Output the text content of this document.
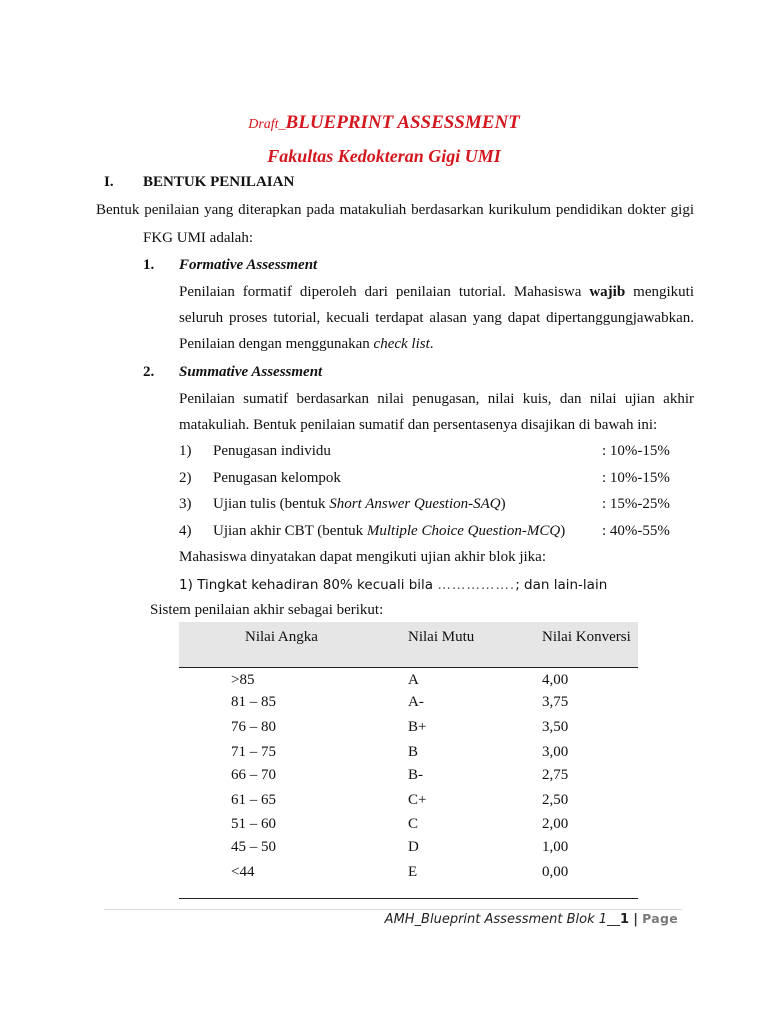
Draft_BLUEPRINT ASSESSMENT
Fakultas Kedokteran Gigi UMI
I. BENTUK PENILAIAN
Bentuk penilaian yang diterapkan pada matakuliah berdasarkan kurikulum pendidikan dokter gigi
FKG UMI adalah:
1. Formative Assessment
Penilaian formatif diperoleh dari penilaian tutorial. Mahasiswa wajib mengikuti
seluruh proses tutorial, kecuali terdapat alasan yang dapat dipertanggungjawabkan.
Penilaian dengan menggunakan check list.
2. Summative Assessment
Penilaian sumatif berdasarkan nilai penugasan, nilai kuis, dan nilai ujian akhir
matakuliah. Bentuk penilaian sumatif dan persentasenya disajikan di bawah ini:
1) Penugasan individu	: 10%-15%
2) Penugasan kelompok	: 10%-15%
3) Ujian tulis (bentuk Short Answer Question-SAQ)	: 15%-25%
4) Ujian akhir CBT (bentuk Multiple Choice Question-MCQ) : 40%-55%
Mahasiswa dinyatakan dapat mengikuti ujian akhir blok jika:
1) Tingkat kehadiran 80% kecuali bila …………….; dan lain-lain
Sistem penilaian akhir sebagai berikut:
Nilai Angka	Nilai Mutu	Nilai Konversi
>85	A	4,00
81 – 85	A-	3,75
76 – 80	B+	3,50
71 – 75	B	3,00
66 – 70	B-	2,75
61 – 65	C+	2,50
51 – 60	C	2,00
45 – 50	D	1,00
<44	E	0,00
AMH_Blueprint Assessment Blok 1__1 | Page
